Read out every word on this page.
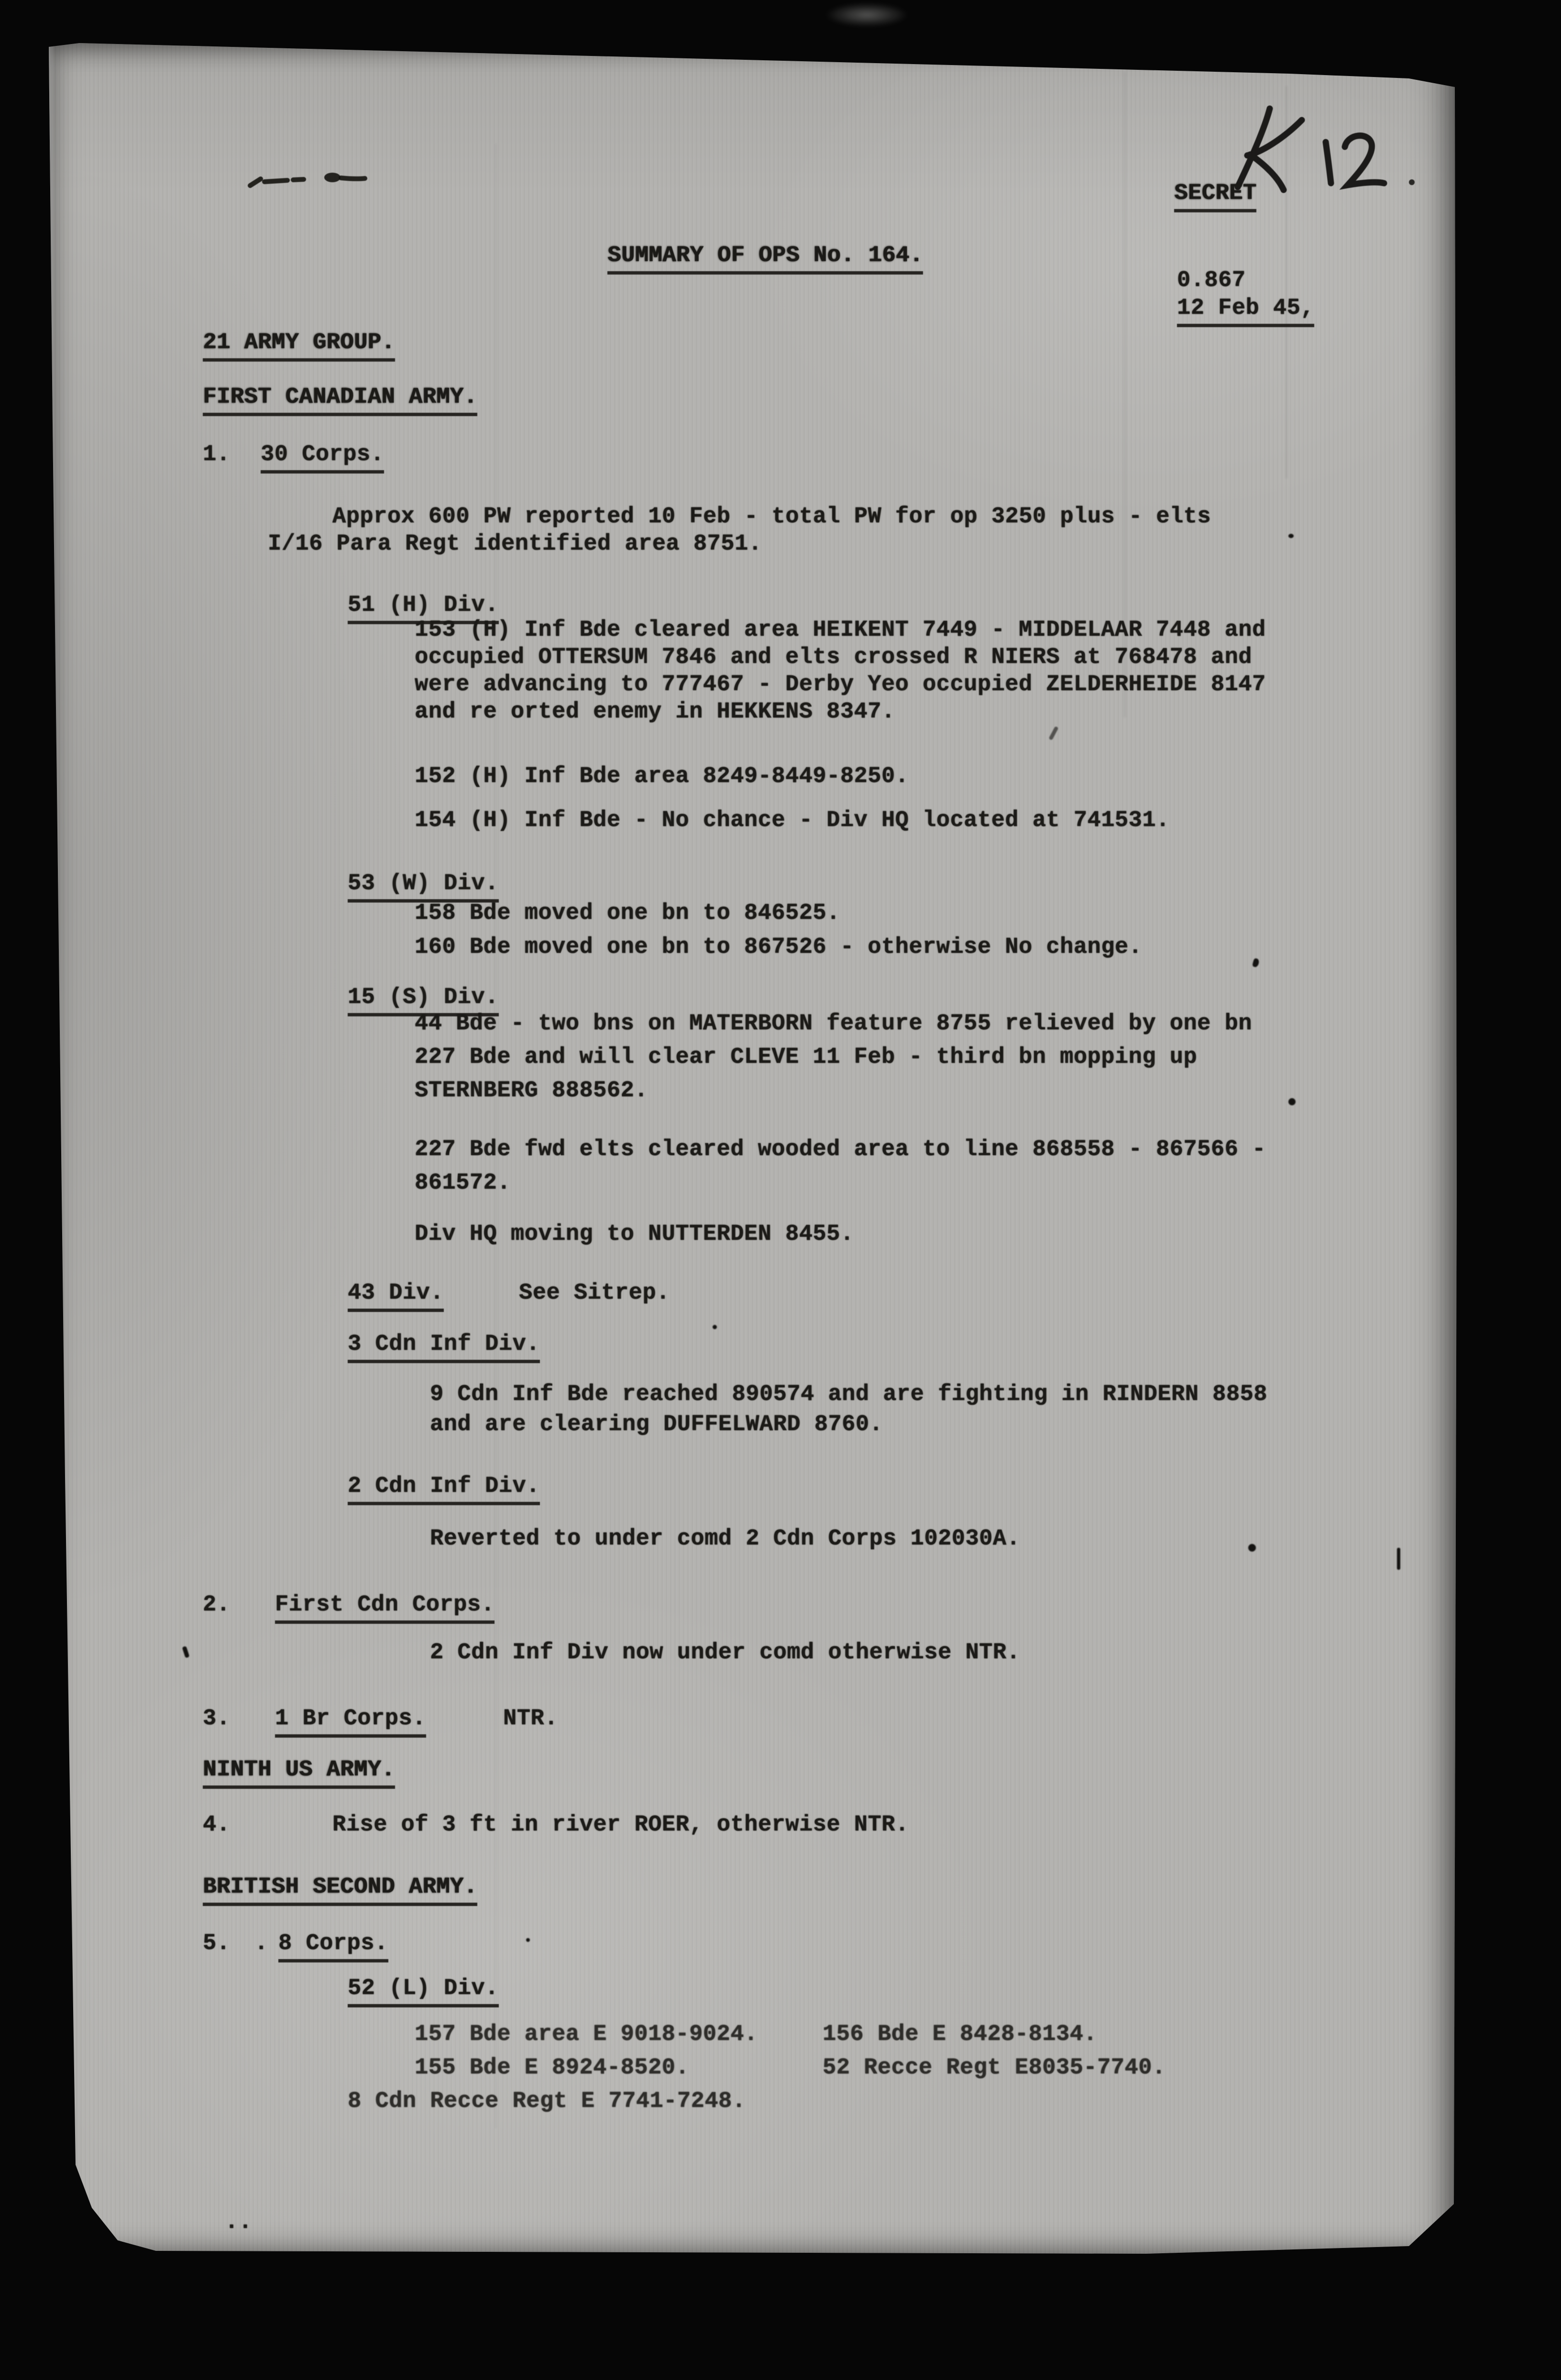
SECRET
SUMMARY OF OPS No. 164.
0.867
12 Feb 45,
21 ARMY GROUP.
FIRST CANADIAN ARMY.
1. 30 Corps.
Approx 600 PW reported 10 Feb - total PW for op 3250 plus - elts
I/16 Para Regt identified area 8751.
51 (H) Div.
153 (H) Inf Bde cleared area HEIKENT 7449 - MIDDELAAR 7448 and
occupied OTTERSUM 7846 and elts crossed R NIERS at 768478 and
were advancing to 777467 - Derby Yeo occupied ZELDERHEIDE 8147
and re orted enemy in HEKKENS 8347.
152 (H) Inf Bde area 8249-8449-8250.
154 (H) Inf Bde - No chance - Div HQ located at 741531.
53 (W) Div.
158 Bde moved one bn to 846525.
160 Bde moved one bn to 867526 - otherwise No change.
15 (S) Div.
44 Bde - two bns on MATERBORN feature 8755 relieved by one bn
227 Bde and will clear CLEVE 11 Feb - third bn mopping up
STERNBERG 888562.
227 Bde fwd elts cleared wooded area to line 868558 - 867566 -
861572.
Div HQ moving to NUTTERDEN 8455.
43 Div.	See Sitrep.
3 Cdn Inf Div.
9 Cdn Inf Bde reached 890574 and are fighting in RINDERN 8858
and are clearing DUFFELWARD 8760.
2 Cdn Inf Div.
Reverted to under comd 2 Cdn Corps 102030A.
2. First Cdn Corps.
2 Cdn Inf Div now under comd otherwise NTR.
3. 1 Br Corps.	NTR.
NINTH US ARMY.
4.	Rise of 3 ft in river ROER, otherwise NTR.
BRITISH SECOND ARMY.
5. . 8 Corps.
52 (L) Div.
157 Bde area E 9018-9024.	156 Bde E 8428-8134.
155 Bde E 8924-8520.	52 Recce Regt E8035-7740.
8 Cdn Recce Regt E 7741-7248.
..
